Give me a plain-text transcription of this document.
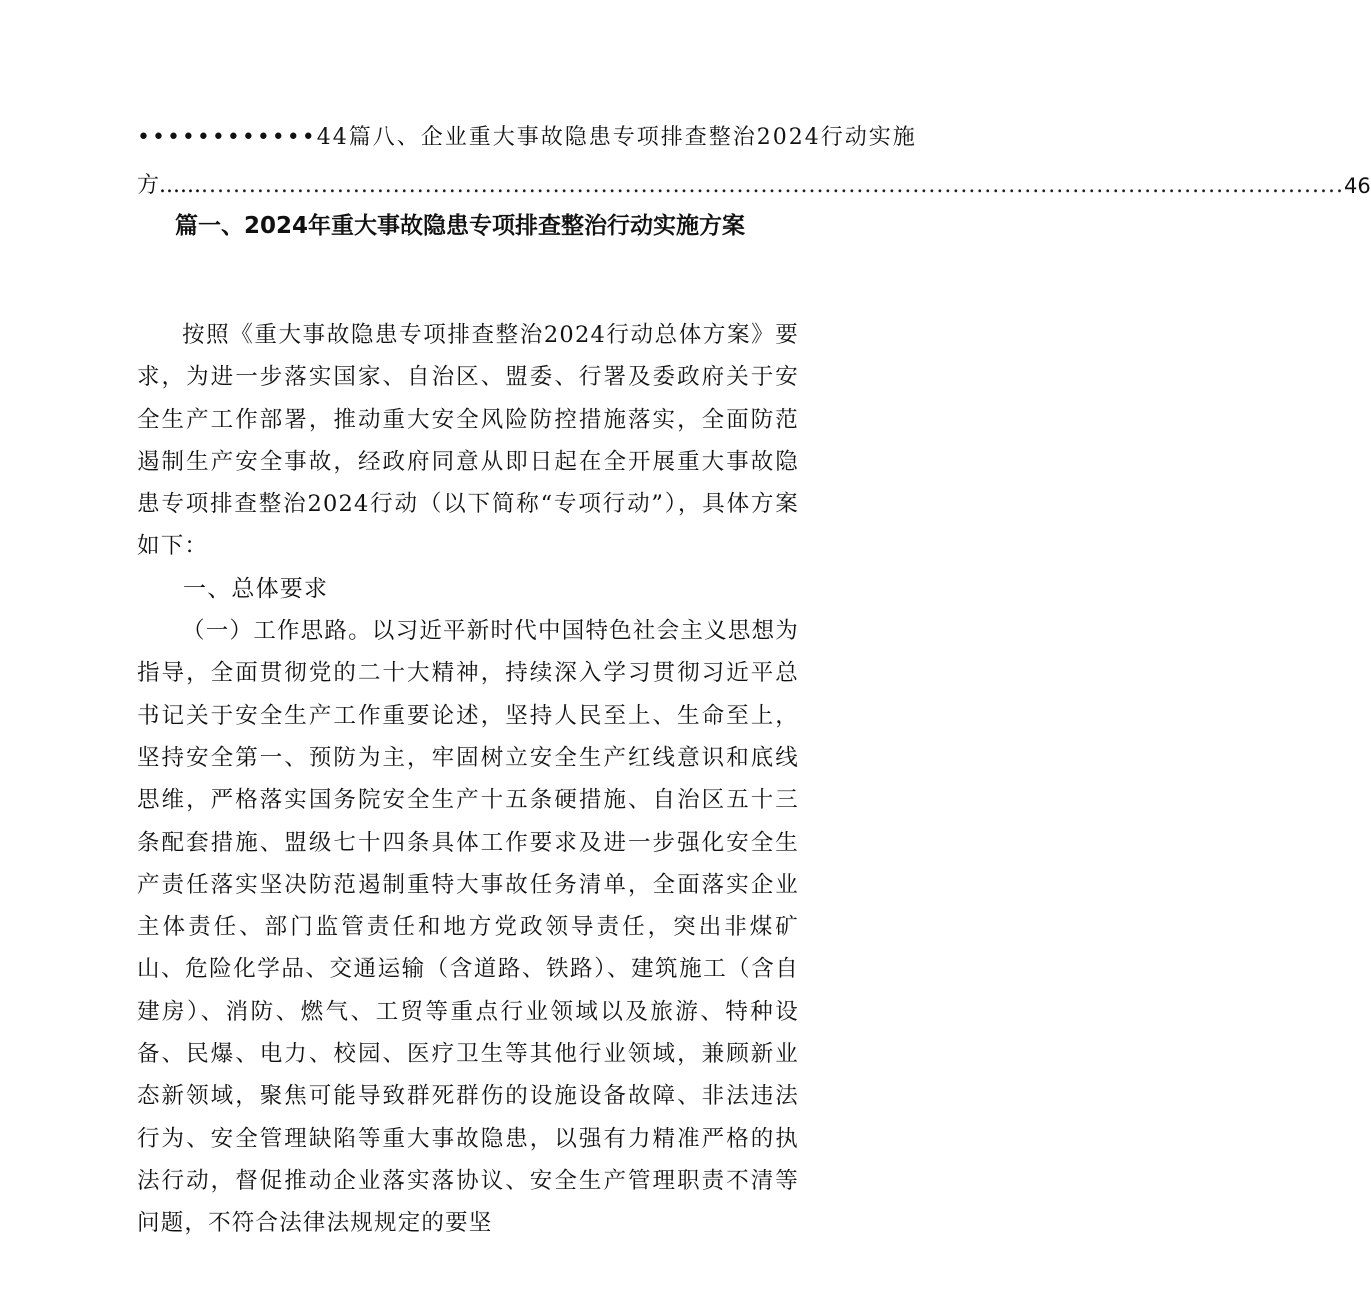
••••••••••••44篇八、企业重大事故隐患专项排查整治2024行动实施
方...... ............................................................................................................................................... 46
篇一、2024年重大事故隐患专项排查整治行动实施方案

按照《重大事故隐患专项排查整治2024行动总体方案》要求，为进一步落实国家、自治区、盟委、行署及委政府关于安全生产工作部署，推动重大安全风险防控措施落实，全面防范遏制生产安全事故，经政府同意从即日起在全开展重大事故隐患专项排查整治2024行动（以下简称“专项行动”），具体方案如下：

一、总体要求

（一）工作思路。以习近平新时代中国特色社会主义思想为指导，全面贯彻党的二十大精神，持续深入学习贯彻习近平总书记关于安全生产工作重要论述，坚持人民至上、生命至上，坚持安全第一、预防为主，牢固树立安全生产红线意识和底线思维，严格落实国务院安全生产十五条硬措施、自治区五十三条配套措施、盟级七十四条具体工作要求及进一步强化安全生产责任落实坚决防范遏制重特大事故任务清单，全面落实企业主体责任、部门监管责任和地方党政领导责任，突出非煤矿山、危险化学品、交通运输（含道路、铁路）、建筑施工（含自建房）、消防、燃气、工贸等重点行业领域以及旅游、特种设备、民爆、电力、校园、医疗卫生等其他行业领域，兼顾新业态新领域，聚焦可能导致群死群伤的设施设备故障、非法违法行为、安全管理缺陷等重大事故隐患，以强有力精准严格的执法行动，督促推动企业落实落协议、安全生产管理职责不清等问题，不符合法律法规规定的要坚
